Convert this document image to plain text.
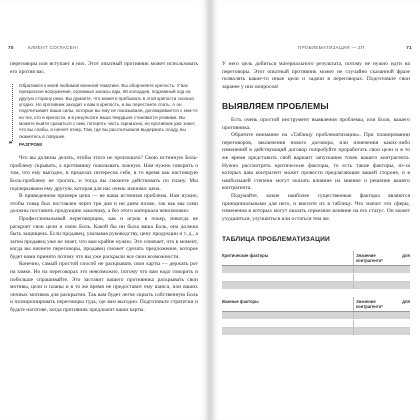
70	КЛИЕНТ СОГЛАСЕН!

переговоры или вступает в них. Этот опытный противник может использовать его против вас.

Обратимся к моей любимой военной тематике. Вы обороняете крепость. У вас прекрасное вооружение, огромные запасы еды, 50 колодцев, подземный ход на другую сторону реки. Вы думаете, что можете пребывать в этой крепости сколько угодно. Но противник заходит к вам в крепость, и вы перестаете спать. А он подсчитывает ваши силы, которые вы ему не показывали, договаривается с кем-то из тех, кто в крепости, и в результате ваша твердыня становится уязвима. Вы можете выйти сразиться с ним, потерять часть гарнизона, но противник уже знает, что вы слабы, и начнет атаку. Там, где вы рассчитывали выдержать осаду, вы окажетесь в ловушке.

❞ РАЗГРОМ!

Что вы должны делать, чтобы этого не произошло? Свою истинную Боль-проблему скрывать, а противнику показывать ложную. Нам нужно говорить о том, что ему выгодно, в пределах интересов себе, в то время как настоящую Боль-проблему не трогать, и тогда вы сможете действовать по плану. Мы подчеркиваем ему другую, которая для нас очень значима: цена.

В приведенном примере цена — не ваша истинная проблема. Нам нужно, чтобы товар был поставлен через три дня и ни днем позже, так как мы сами должны поставить продукцию заказчику, а без этого материала невозможно.

Профессиональный переговорщик, как и игрок в покер, никогда не раскроет свои цели и свою Боль. Какой бы ни была ваша Боль, она должна быть защищена. Если продавец, указывая руководству, цену продукции и т. д., а затем продавец уже не знает, что вам крайне нужно. Это означает, что в момент, когда вы начнете переговоры, продавец сможет сделать предложение, которое будет вами принято потому что вы уже раскрыли все свои возможности.

Конечно, самый простой способ не раскрывать свои карты — держать рот на замке. Но на переговорах это невозможно, потому что вам надо говорить и побольше спрашивайте. Это заставит вашего противника раскрывать свои мотивы, цели и планы и в то же время не предоставит ему шанса, или ваших личных мотивов для раскрытия. Так вам будет легче скрыть собственную Боль и позиционировать переговоры туда, где вам выгодно. Подготовьте стратегии и будьте наготове, когда противник предложит ваши карты.

ПРОБЛЕМАТИЗАЦИЯ — 2П	71

У него цель добиться материального результата, потому не нужно идти на переговоры. Этот опытный противник может не случайно сказанной фразе позволять какие-то иные цели и задачи в переговорах. Подготовьте свои заранее у них вопросов!

ВЫЯВЛЯЕМ ПРОБЛЕМЫ

Есть очень простой инструмент выявления проблемы, или Боли, вашего противника.

Обратите внимание на «Таблицу проблематизации». При планировании переговоров, заключения нового договора, или изменения каких-либо изменений в действующий договор попробуйте проработать свои цели и в то же время представить свой вариант запускания точек вашего контрагента. Нужно рассмотреть критические факторы, то есть такие факторы, из-за которых ваш контрагент может провести предлагающие вашей стороне, и в наибольшей степени могут оказать влияние на мнение и решение вашего контрагента.

Подумайте, какие наиболее существенные факторы являются принципиальными для него, и внесите их в таблицу. Что значит эти сферы, изменения в которых могут оказать серьезное влияние на его статус. Он может ухудшиться, улучшиться или остаться тем же.

ТАБЛИЦА ПРОБЛЕМАТИЗАЦИИ
Критические факторы	Значение для контрагента*

Важные факторы	Значение для контрагента*
